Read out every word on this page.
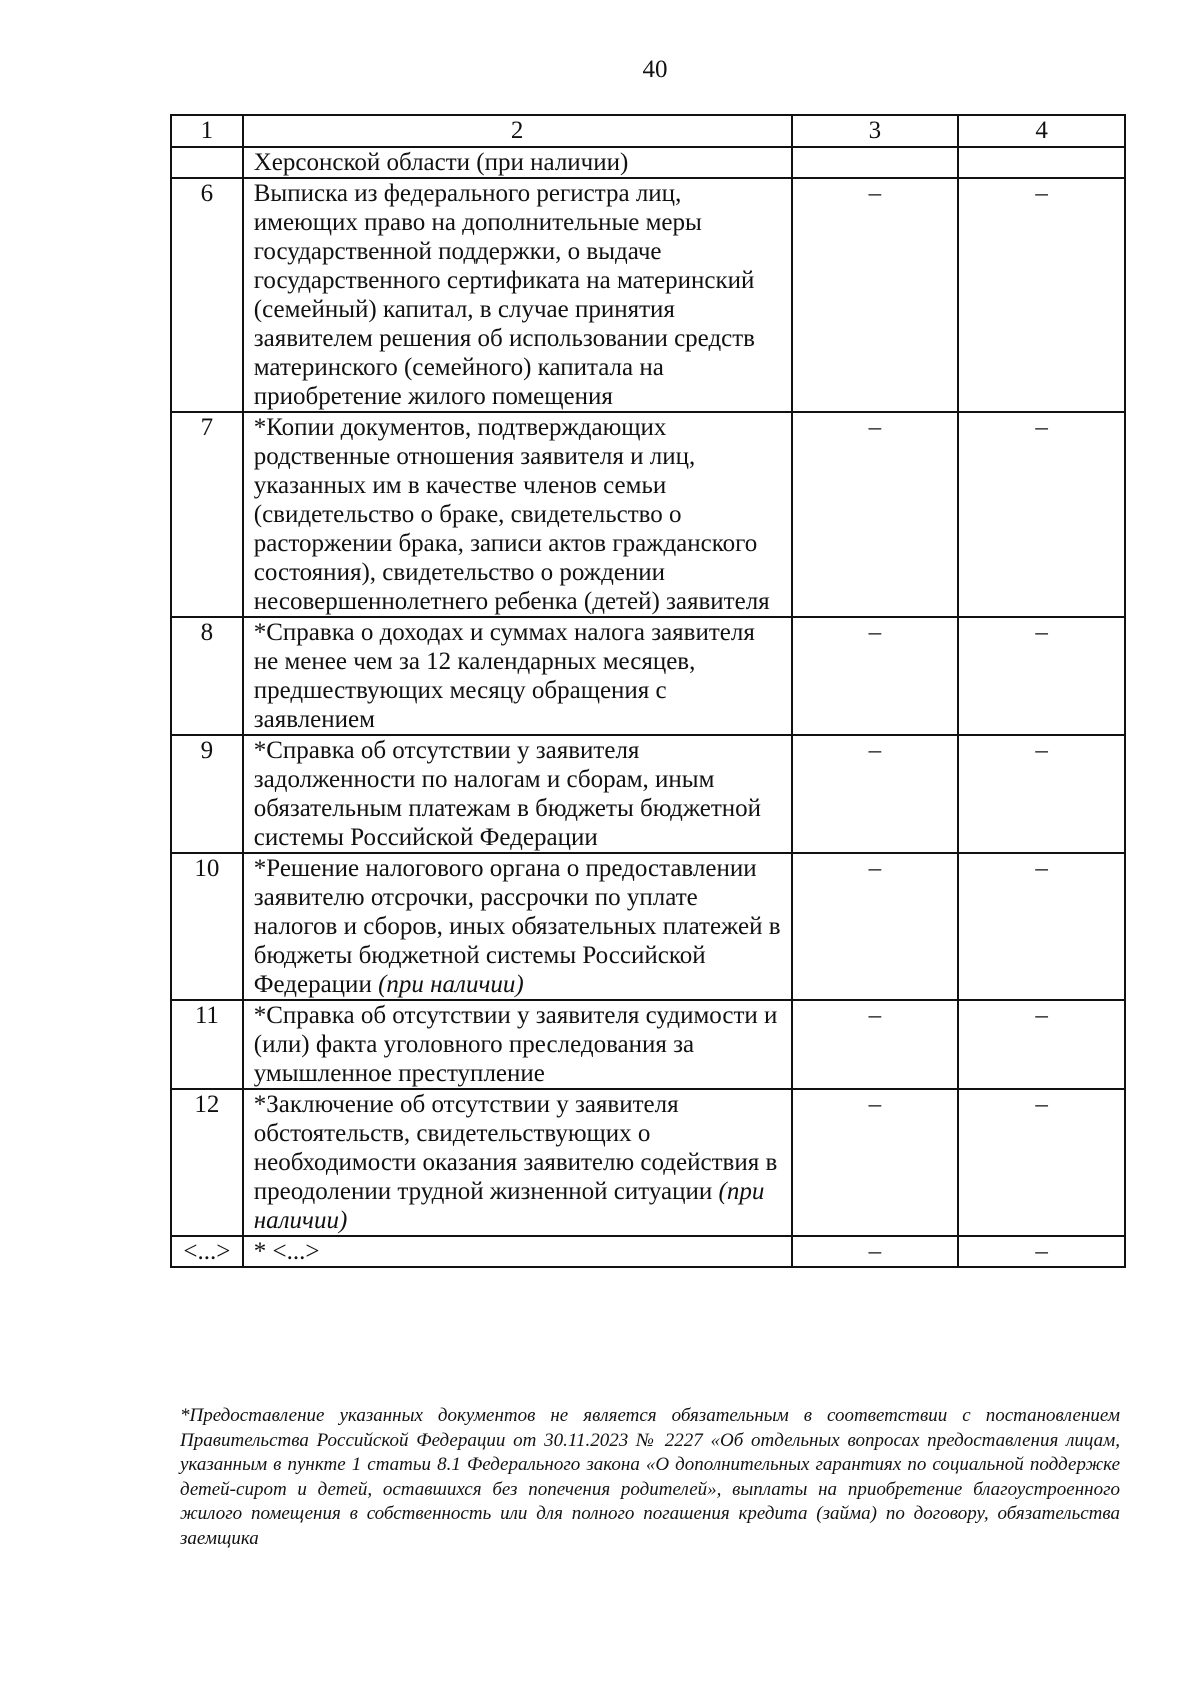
40
1	2	3	4
	Херсонской области (при наличии)		
6	Выписка из федерального регистра лиц, имеющих право на дополнительные меры государственной поддержки, о выдаче государственного сертификата на материнский (семейный) капитал, в случае принятия заявителем решения об использовании средств материнского (семейного) капитала на приобретение жилого помещения	–	–
7	*Копии документов, подтверждающих родственные отношения заявителя и лиц, указанных им в качестве членов семьи (свидетельство о браке, свидетельство о расторжении брака, записи актов гражданского состояния), свидетельство о рождении несовершеннолетнего ребенка (детей) заявителя	–	–
8	*Справка о доходах и суммах налога заявителя не менее чем за 12 календарных месяцев, предшествующих месяцу обращения с заявлением	–	–
9	*Справка об отсутствии у заявителя задолженности по налогам и сборам, иным обязательным платежам в бюджеты бюджетной системы Российской Федерации	–	–
10	*Решение налогового органа о предоставлении заявителю отсрочки, рассрочки по уплате налогов и сборов, иных обязательных платежей в бюджеты бюджетной системы Российской Федерации (при наличии)	–	–
11	*Справка об отсутствии у заявителя судимости и (или) факта уголовного преследования за умышленное преступление	–	–
12	*Заключение об отсутствии у заявителя обстоятельств, свидетельствующих о необходимости оказания заявителю содействия в преодолении трудной жизненной ситуации (при наличии)	–	–
<...>	* <...>	–	–
*Предоставление указанных документов не является обязательным в соответствии с постановлением Правительства Российской Федерации от 30.11.2023 № 2227 «Об отдельных вопросах предоставления лицам, указанным в пункте 1 статьи 8.1 Федерального закона «О дополнительных гарантиях по социальной поддержке детей-сирот и детей, оставшихся без попечения родителей», выплаты на приобретение благоустроенного жилого помещения в собственность или для полного погашения кредита (займа) по договору, обязательства заемщика
